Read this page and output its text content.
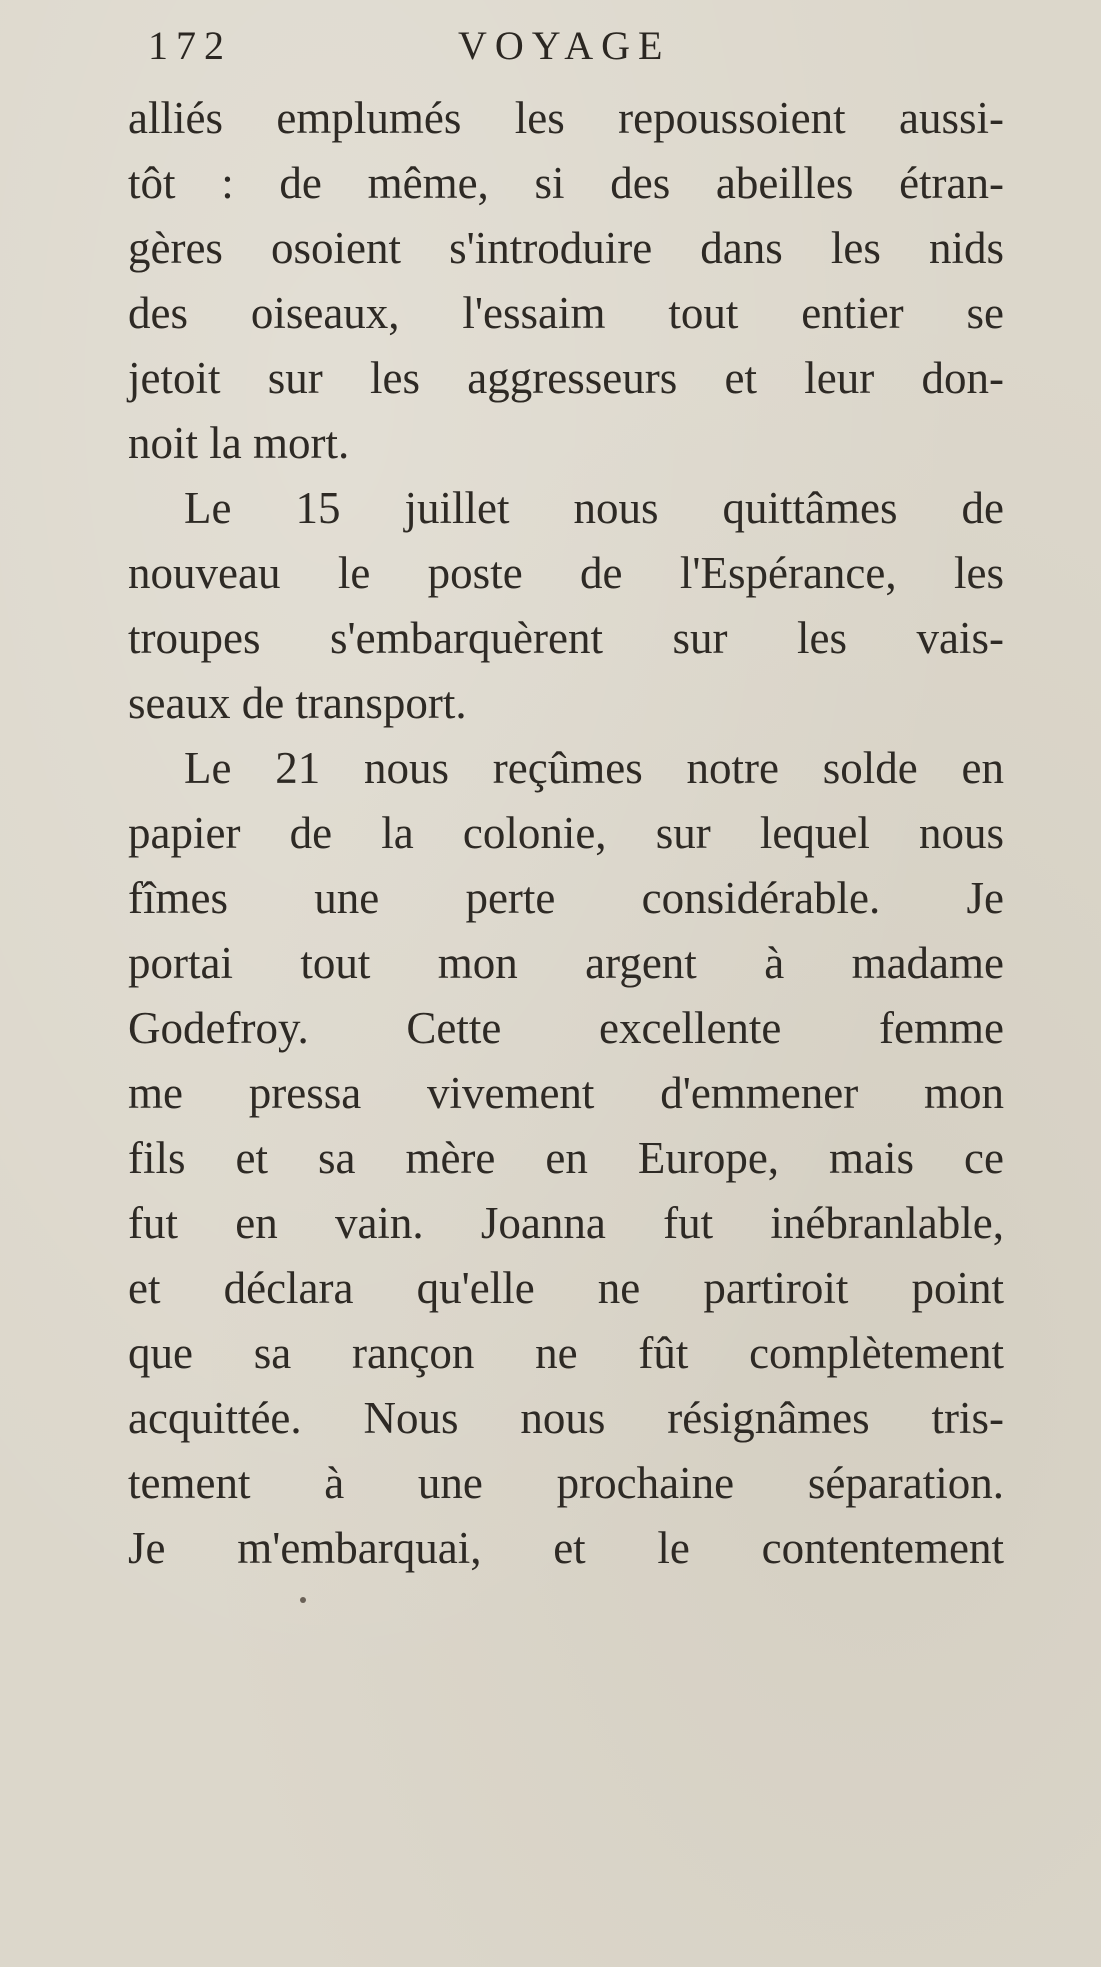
172	VOYAGE
alliés emplumés les repoussoient aussi-
tôt : de même, si des abeilles étran-
gères osoient s'introduire dans les nids
des oiseaux, l'essaim tout entier se
jetoit sur les aggresseurs et leur don-
noit la mort.
Le 15 juillet nous quittâmes de
nouveau le poste de l'Espérance, les
troupes s'embarquèrent sur les vais-
seaux de transport.
Le 21 nous reçûmes notre solde en
papier de la colonie, sur lequel nous
fîmes une perte considérable. Je
portai tout mon argent à madame
Godefroy. Cette excellente femme
me pressa vivement d'emmener mon
fils et sa mère en Europe, mais ce
fut en vain. Joanna fut inébranlable,
et déclara qu'elle ne partiroit point
que sa rançon ne fût complètement
acquittée. Nous nous résignâmes tris-
tement à une prochaine séparation.
Je m'embarquai, et le contentement
